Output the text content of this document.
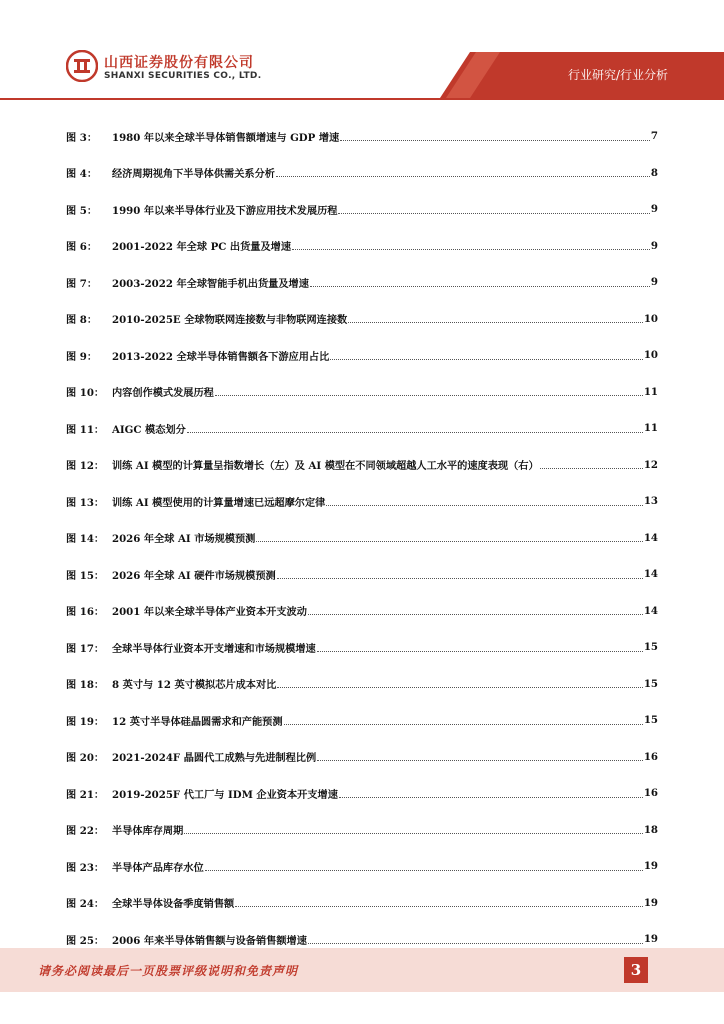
山西证券股份有限公司
SHANXI SECURITIES CO., LTD.	行业研究/行业分析
图 3：	1980 年以来全球半导体销售额增速与 GDP 增速	7
图 4：	经济周期视角下半导体供需关系分析	8
图 5：	1990 年以来半导体行业及下游应用技术发展历程	9
图 6：	2001-2022 年全球 PC 出货量及增速	9
图 7：	2003-2022 年全球智能手机出货量及增速	9
图 8：	2010-2025E 全球物联网连接数与非物联网连接数	10
图 9：	2013-2022 全球半导体销售额各下游应用占比	10
图 10： 内容创作模式发展历程	11
图 11： AIGC 模态划分	11
图 12： 训练 AI 模型的计算量呈指数增长（左）及 AI 模型在不同领域超越人工水平的速度表现（右）	12
图 13： 训练 AI 模型使用的计算量增速已远超摩尔定律	13
图 14： 2026 年全球 AI 市场规模预测	14
图 15： 2026 年全球 AI 硬件市场规模预测	14
图 16： 2001 年以来全球半导体产业资本开支波动	14
图 17： 全球半导体行业资本开支增速和市场规模增速	15
图 18： 8 英寸与 12 英寸模拟芯片成本对比	15
图 19： 12 英寸半导体硅晶圆需求和产能预测	15
图 20： 2021-2024F 晶圆代工成熟与先进制程比例	16
图 21： 2019-2025F 代工厂与 IDM 企业资本开支增速	16
图 22： 半导体库存周期	18
图 23： 半导体产品库存水位	19
图 24： 全球半导体设备季度销售额	19
图 25： 2006 年来半导体销售额与设备销售额增速	19
请务必阅读最后一页股票评级说明和免责声明	3
